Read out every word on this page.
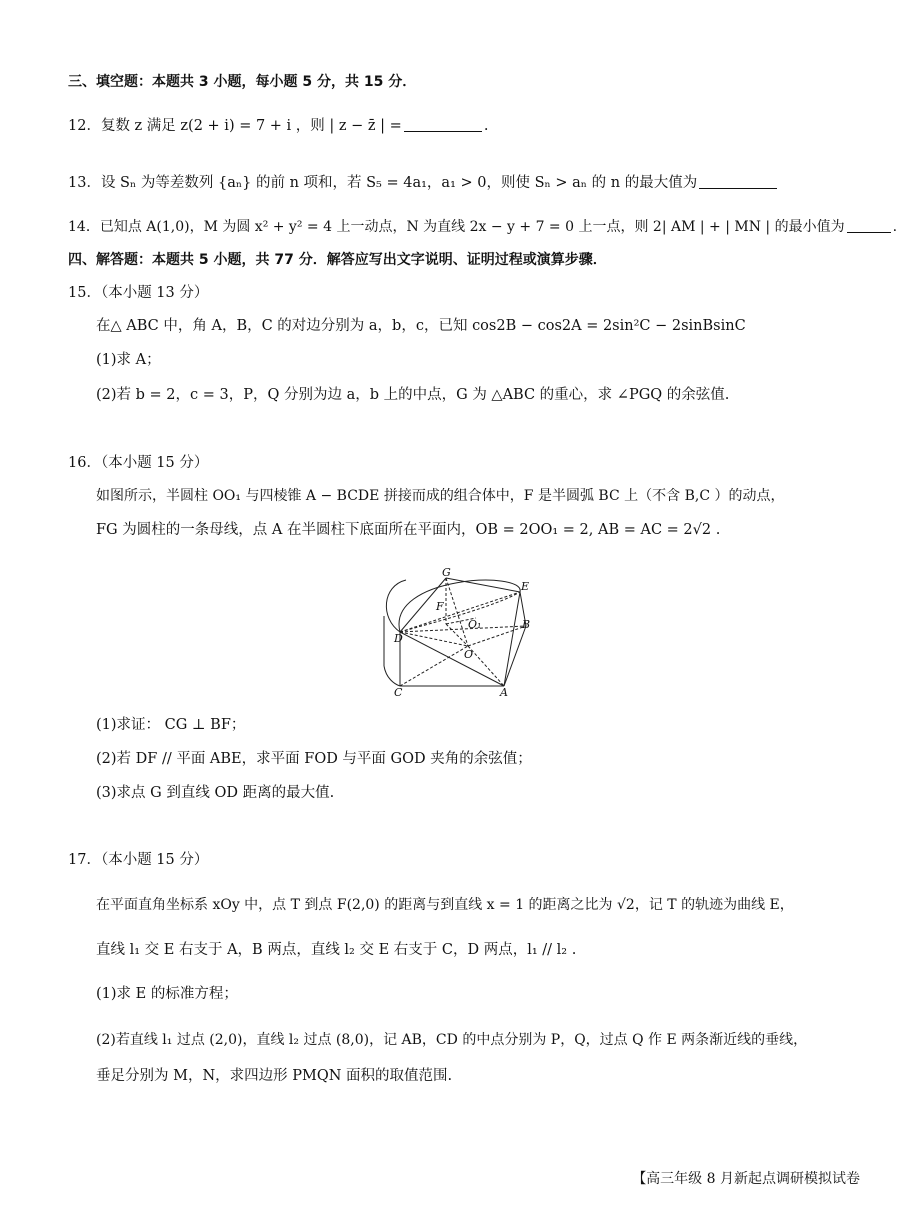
三、填空题：本题共 3 小题，每小题 5 分，共 15 分．
12．复数 z 满足 z(2 + i) = 7 + i ，则 | z − z̄ | =	.
13．设 Sₙ 为等差数列 {aₙ} 的前 n 项和，若 S₅ = 4a₁，a₁ > 0，则使 Sₙ > aₙ 的 n 的最大值为
14．已知点 A(1,0)，M 为圆 x² + y² = 4 上一动点，N 为直线 2x − y + 7 = 0 上一点，则 2| AM | + | MN | 的最小值为	.
四、解答题：本题共 5 小题，共 77 分．解答应写出文字说明、证明过程或演算步骤．
15．（本小题 13 分）
在△ ABC 中，角 A，B，C 的对边分别为 a，b，c，已知 cos2B − cos2A = 2sin²C − 2sinBsinC
(1)求 A；
(2)若 b = 2，c = 3，P，Q 分别为边 a，b 上的中点，G 为 △ABC 的重心，求 ∠PGQ 的余弦值.
16．（本小题 15 分）
如图所示，半圆柱 OO₁ 与四棱锥 A − BCDE 拼接而成的组合体中，F 是半圆弧 BC 上（不含 B,C ）的动点，
FG 为圆柱的一条母线，点 A 在半圆柱下底面所在平面内，OB = 2OO₁ = 2, AB = AC = 2√2 .
G
E
F
O₁	B
D
O
C	A
(1)求证： CG ⊥ BF；
(2)若 DF // 平面 ABE，求平面 FOD 与平面 GOD 夹角的余弦值；
(3)求点 G 到直线 OD 距离的最大值.
17．（本小题 15 分）
在平面直角坐标系 xOy 中，点 T 到点 F(2,0) 的距离与到直线 x = 1 的距离之比为 √2，记 T 的轨迹为曲线 E，
直线 l₁ 交 E 右支于 A，B 两点，直线 l₂ 交 E 右支于 C，D 两点，l₁ // l₂ .
(1)求 E 的标准方程；
(2)若直线 l₁ 过点 (2,0)，直线 l₂ 过点 (8,0)，记 AB，CD 的中点分别为 P，Q，过点 Q 作 E 两条渐近线的垂线，
垂足分别为 M，N，求四边形 PMQN 面积的取值范围.
【高三年级 8 月新起点调研模拟试卷
